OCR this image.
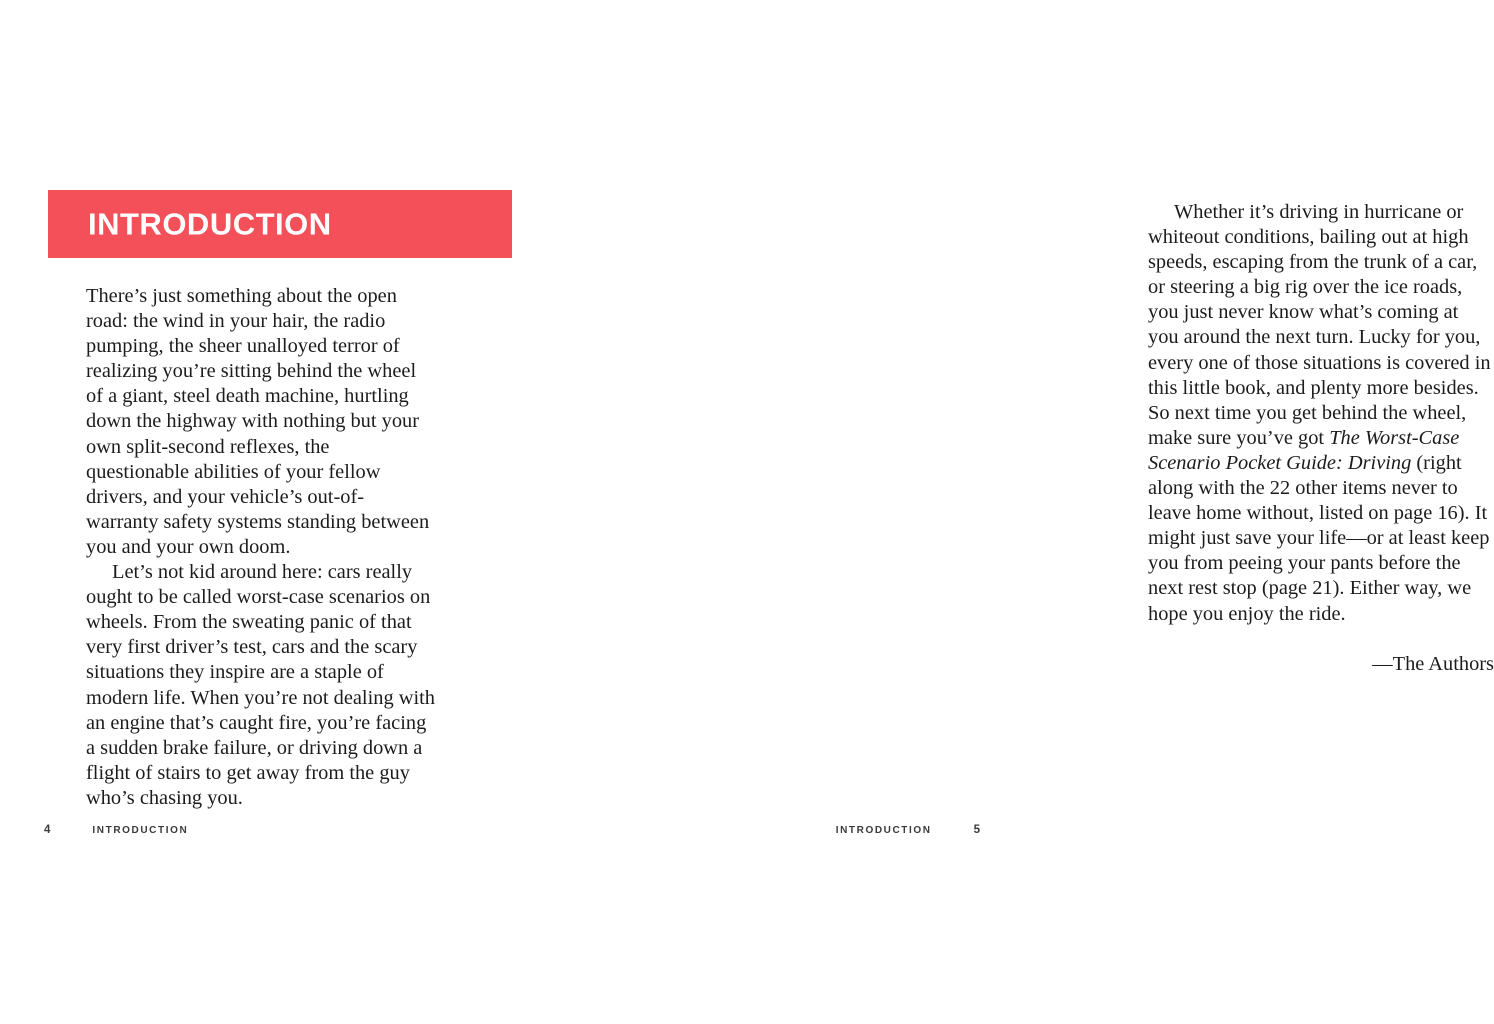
INTRODUCTION

There’s just something about the open road: the wind in your hair, the radio pumping, the sheer unalloyed terror of realizing you’re sitting behind the wheel of a giant, steel death machine, hurtling down the highway with nothing but your own split-second reflexes, the questionable abilities of your fellow drivers, and your vehicle’s out-of-warranty safety systems standing between you and your own doom.

Let’s not kid around here: cars really ought to be called worst-case scenarios on wheels. From the sweating panic of that very first driver’s test, cars and the scary situations they inspire are a staple of modern life. When you’re not dealing with an engine that’s caught fire, you’re facing a sudden brake failure, or driving down a flight of stairs to get away from the guy who’s chasing you.

4	INTRODUCTION

Whether it’s driving in hurricane or whiteout conditions, bailing out at high speeds, escaping from the trunk of a car, or steering a big rig over the ice roads, you just never know what’s coming at you around the next turn. Lucky for you, every one of those situations is covered in this little book, and plenty more besides. So next time you get behind the wheel, make sure you’ve got The Worst-Case Scenario Pocket Guide: Driving (right along with the 22 other items never to leave home without, listed on page 16). It might just save your life—or at least keep you from peeing your pants before the next rest stop (page 21). Either way, we hope you enjoy the ride.

—The Authors

INTRODUCTION	5
